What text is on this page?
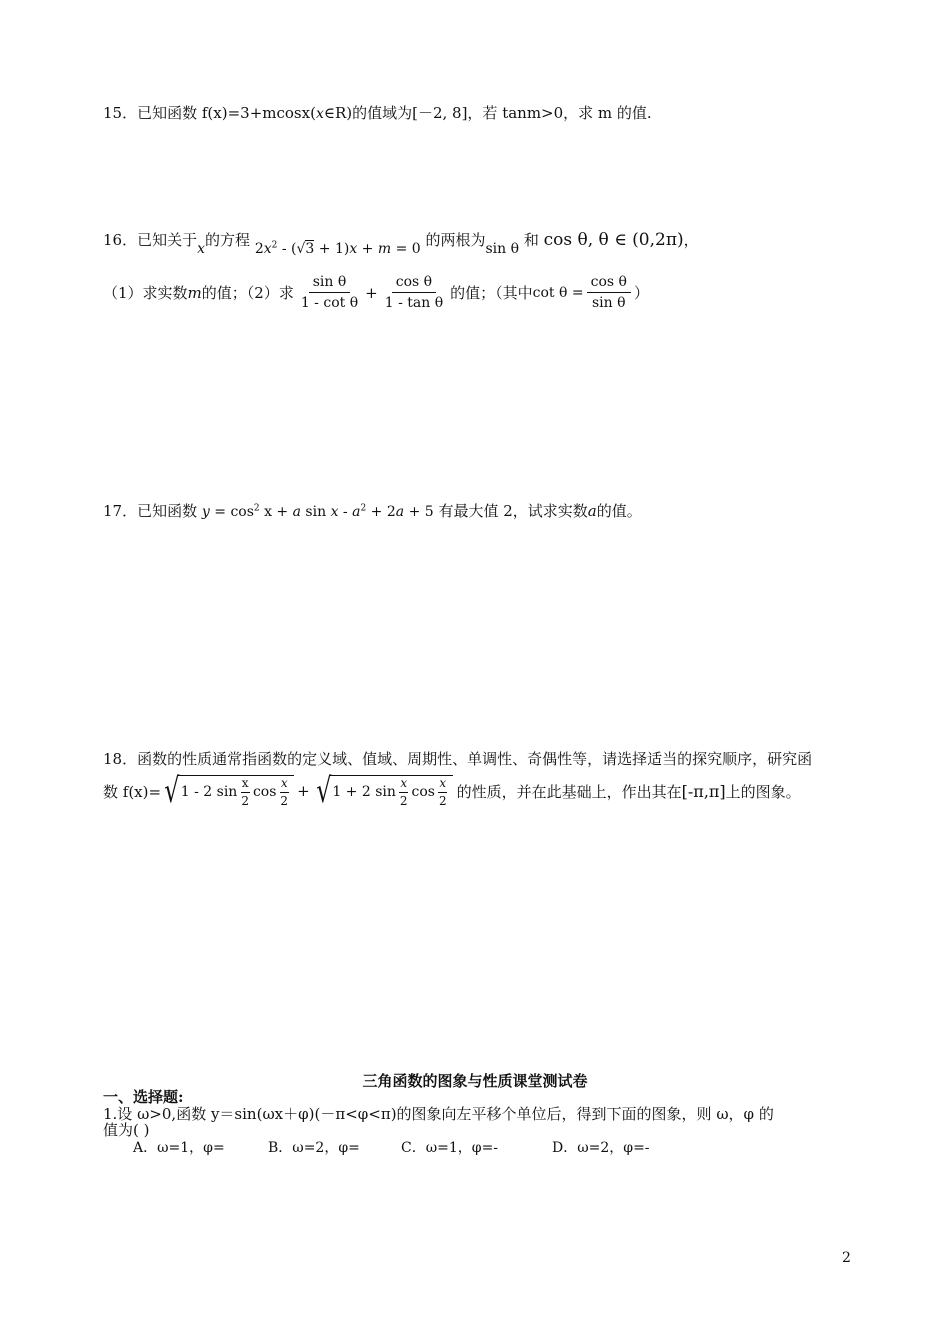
15．已知函数 f(x)=3+mcosx(x∈R)的值域为[－2, 8]，若 tanm>0，求 m 的值.
16．已知关于x的方程 $2x^2 - (√3 + 1)x + m = 0$ 的两根为sin θ 和 cos θ, θ ∈ (0,2π)，
（1）求实数 m 的值；（2）求 $\frac{\text{sin θ}}{\text{1 - cot θ}} + \frac{\text{cos θ}}{\text{1 - tan θ}}$ 的值；（其中 $\cot \theta = \frac{\text{cos θ}}{\text{sin θ}}$ ）
17．已知函数 $y = \cos^2 x + a$ $\sin x - a^2 + 2a + 5$ 有最大值 2，试求实数a的值。
18．函数的性质通常指函数的定义域、值域、周期性、单调性、奇偶性等，请选择适当的探究顺序，研究函
数 f(x)= √ 1 - 2 $\sin \frac{x}{2}$ $\cos \frac{x}{2}$ + √ 1 + 2 $\sin \frac{x}{2}$ $\cos \frac{x}{2}$ 的性质，并在此基础上，作出其在 [-π,π] 上的图象。
三角函数的图象与性质课堂测试卷
一、选择题:
1.设 ω>0,函数 y＝sin(ωx＋φ)(－π<φ<π)的图象向左平移个单位后，得到下面的图象，则 ω，φ 的
值为( )
A．ω=1，φ=	B．ω=2，φ=	C．ω=1，φ=-	D．ω=2，φ=-
2
